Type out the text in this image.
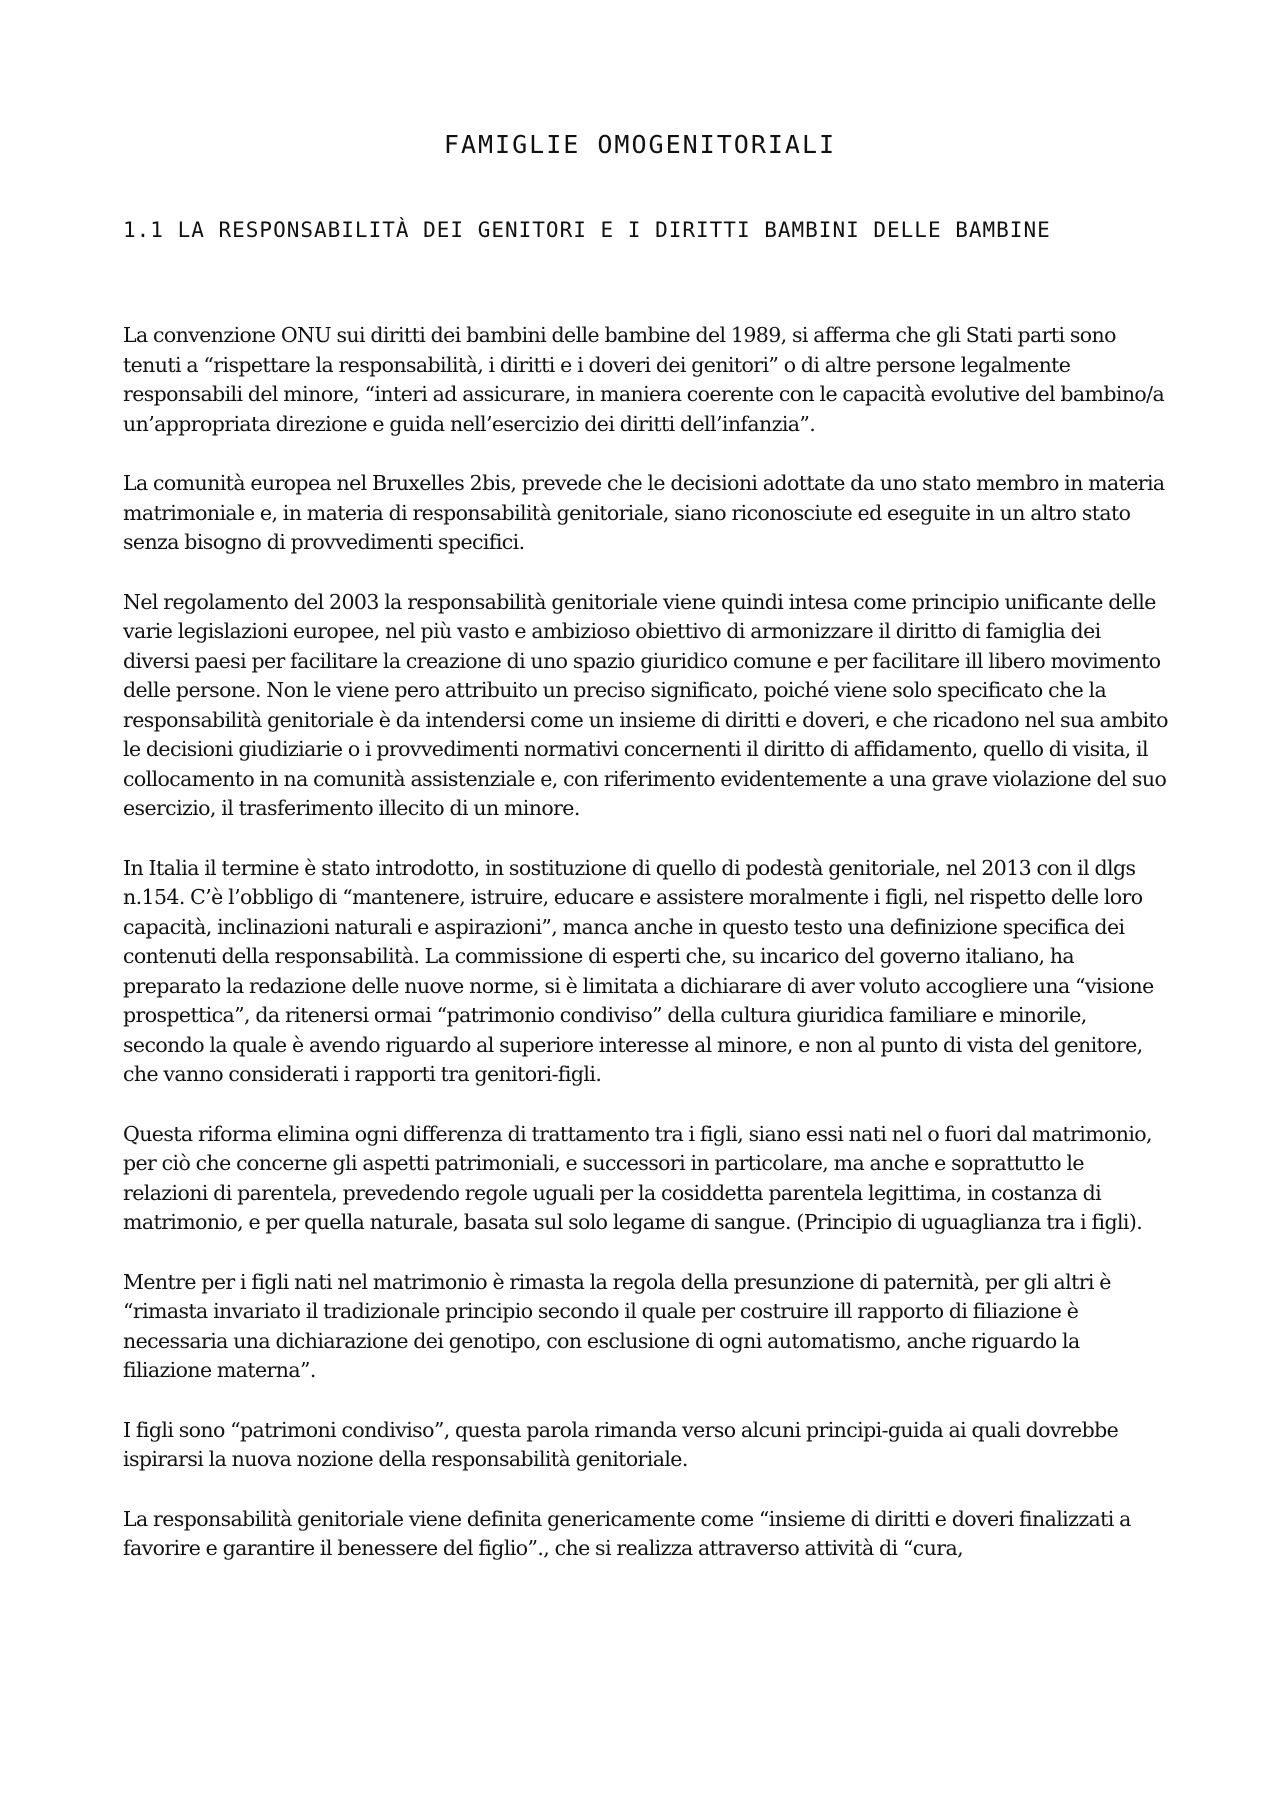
FAMIGLIE OMOGENITORIALI
1.1 LA RESPONSABILITÀ DEI GENITORI E I DIRITTI BAMBINI DELLE BAMBINE

La convenzione ONU sui diritti dei bambini delle bambine del 1989, si afferma che gli Stati parti sono tenuti a “rispettare la responsabilità, i diritti e i doveri dei genitori” o di altre persone legalmente responsabili del minore, “interi ad assicurare, in maniera coerente con le capacità evolutive del bambino/a un’appropriata direzione e guida nell’esercizio dei diritti dell’infanzia”.

La comunità europea nel Bruxelles 2bis, prevede che le decisioni adottate da uno stato membro in materia matrimoniale e, in materia di responsabilità genitoriale, siano riconosciute ed eseguite in un altro stato senza bisogno di provvedimenti specifici.

Nel regolamento del 2003 la responsabilità genitoriale viene quindi intesa come principio unificante delle varie legislazioni europee, nel più vasto e ambizioso obiettivo di armonizzare il diritto di famiglia dei diversi paesi per facilitare la creazione di uno spazio giuridico comune e per facilitare ill libero movimento delle persone. Non le viene pero attribuito un preciso significato, poiché viene solo specificato che la responsabilità genitoriale è da intendersi come un insieme di diritti e doveri, e che ricadono nel sua ambito le decisioni giudiziarie o i provvedimenti normativi concernenti il diritto di affidamento, quello di visita, il collocamento in na comunità assistenziale e, con riferimento evidentemente a una grave violazione del suo esercizio, il trasferimento illecito di un minore.

In Italia il termine è stato introdotto, in sostituzione di quello di podestà genitoriale, nel 2013 con il dlgs n.154. C’è l’obbligo di “mantenere, istruire, educare e assistere moralmente i figli, nel rispetto delle loro capacità, inclinazioni naturali e aspirazioni”, manca anche in questo testo una definizione specifica dei contenuti della responsabilità. La commissione di esperti che, su incarico del governo italiano, ha preparato la redazione delle nuove norme, si è limitata a dichiarare di aver voluto accogliere una “visione prospettica”, da ritenersi ormai “patrimonio condiviso” della cultura giuridica familiare e minorile, secondo la quale è avendo riguardo al superiore interesse al minore, e non al punto di vista del genitore, che vanno considerati i rapporti tra genitori-figli.

Questa riforma elimina ogni differenza di trattamento tra i figli, siano essi nati nel o fuori dal matrimonio, per ciò che concerne gli aspetti patrimoniali, e successori in particolare, ma anche e soprattutto le relazioni di parentela, prevedendo regole uguali per la cosiddetta parentela legittima, in costanza di matrimonio, e per quella naturale, basata sul solo legame di sangue. (Principio di uguaglianza tra i figli).

Mentre per i figli nati nel matrimonio è rimasta la regola della presunzione di paternità, per gli altri è “rimasta invariato il tradizionale principio secondo il quale per costruire ill rapporto di filiazione è necessaria una dichiarazione dei genotipo, con esclusione di ogni automatismo, anche riguardo la filiazione materna”.

I figli sono “patrimoni condiviso”, questa parola rimanda verso alcuni principi-guida ai quali dovrebbe ispirarsi la nuova nozione della responsabilità genitoriale.

La responsabilità genitoriale viene definita genericamente come “insieme di diritti e doveri finalizzati a favorire e garantire il benessere del figlio”., che si realizza attraverso attività di “cura,
